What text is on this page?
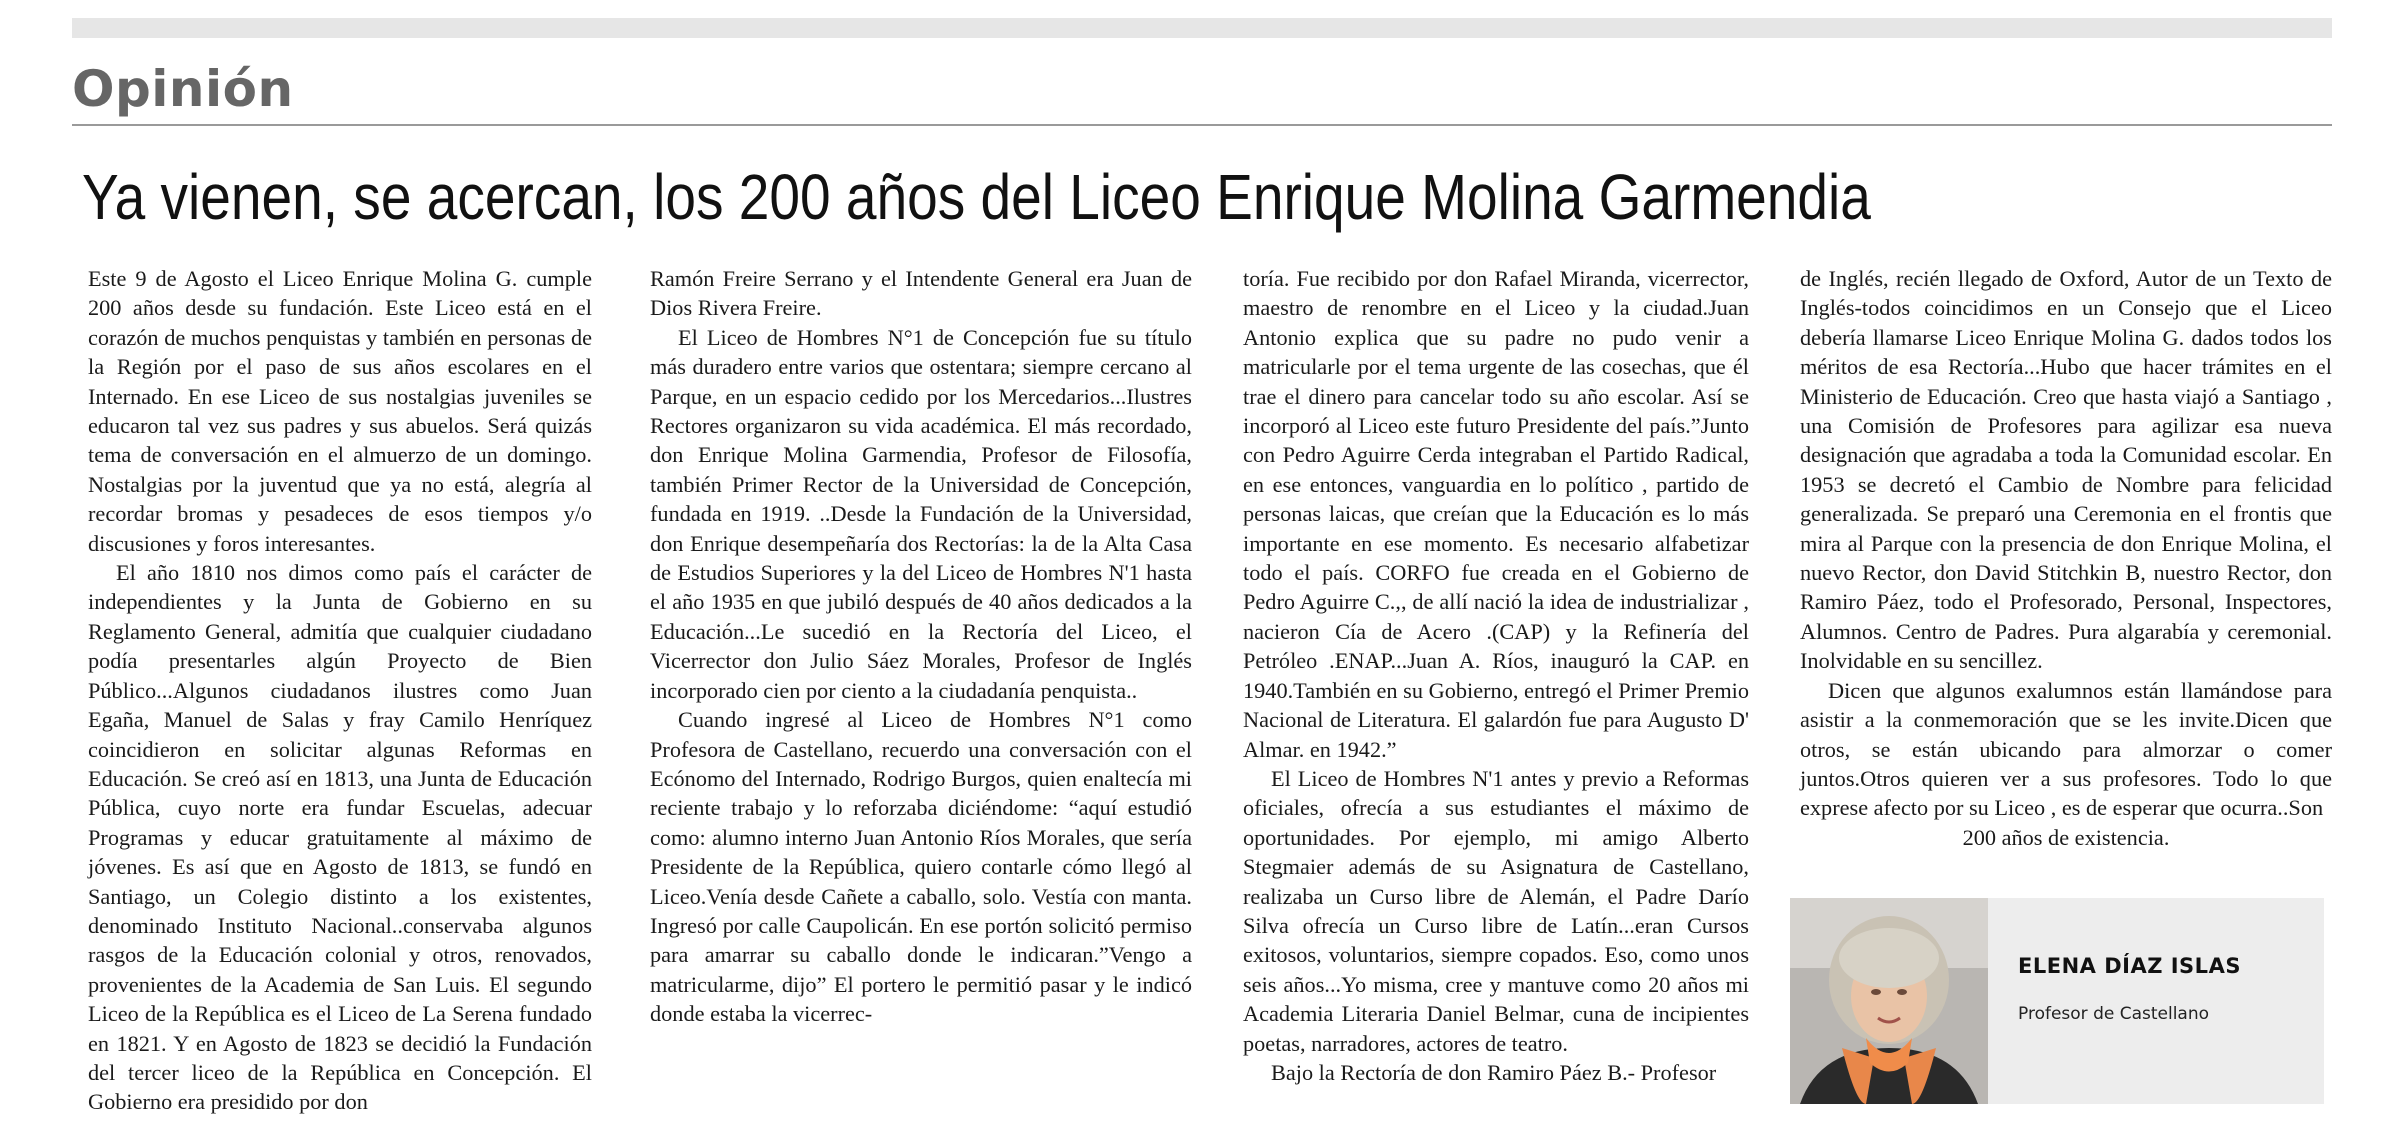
Opinión
Ya vienen, se acercan, los 200 años del Liceo Enrique Molina Garmendia

Este 9 de Agosto el Liceo Enrique Molina G. cumple 200 años desde su fundación. Este Liceo está en el corazón de muchos penquistas y también en personas de la Región por el paso de sus años escolares en el Internado. En ese Liceo de sus nostalgias juveniles se educaron tal vez sus padres y sus abuelos. Será quizás tema de conversación en el almuerzo de un domingo. Nostalgias por la juventud que ya no está, alegría al recordar bromas y pesadeces de esos tiempos y/o discusiones y foros interesantes.

El año 1810 nos dimos como país el carácter de independientes y la Junta de Gobierno en su Reglamento General, admitía que cualquier ciudadano podía presentarles algún Proyecto de Bien Público...Algunos ciudadanos ilustres como Juan Egaña, Manuel de Salas y fray Camilo Henríquez coincidieron en solicitar algunas Reformas en Educación. Se creó así en 1813, una Junta de Educación Pública, cuyo norte era fundar Escuelas, adecuar Programas y educar gratuitamente al máximo de jóvenes. Es así que en Agosto de 1813, se fundó en Santiago, un Colegio distinto a los existentes, denominado Instituto Nacional..conservaba algunos rasgos de la Educación colonial y otros, renovados, provenientes de la Academia de San Luis. El segundo Liceo de la República es el Liceo de La Serena fundado en 1821. Y en Agosto de 1823 se decidió la Fundación del tercer liceo de la República en Concepción. El Gobierno era presidido por don

Ramón Freire Serrano y el Intendente General era Juan de Dios Rivera Freire.

El Liceo de Hombres N°1 de Concepción fue su título más duradero entre varios que ostentara; siempre cercano al Parque, en un espacio cedido por los Mercedarios...Ilustres Rectores organizaron su vida académica. El más recordado, don Enrique Molina Garmendia, Profesor de Filosofía, también Primer Rector de la Universidad de Concepción, fundada en 1919. ..Desde la Fundación de la Universidad, don Enrique desempeñaría dos Rectorías: la de la Alta Casa de Estudios Superiores y la del Liceo de Hombres N'1 hasta el año 1935 en que jubiló después de 40 años dedicados a la Educación...Le sucedió en la Rectoría del Liceo, el Vicerrector don Julio Sáez Morales, Profesor de Inglés incorporado cien por ciento a la ciudadanía penquista..

Cuando ingresé al Liceo de Hombres N°1 como Profesora de Castellano, recuerdo una conversación con el Ecónomo del Internado, Rodrigo Burgos, quien enaltecía mi reciente trabajo y lo reforzaba diciéndome: “aquí estudió como: alumno interno Juan Antonio Ríos Morales, que sería Presidente de la República, quiero contarle cómo llegó al Liceo.Venía desde Cañete a caballo, solo. Vestía con manta. Ingresó por calle Caupolicán. En ese portón solicitó permiso para amarrar su caballo donde le indicaran.”Vengo a matricularme, dijo” El portero le permitió pasar y le indicó donde estaba la vicerrec-

toría. Fue recibido por don Rafael Miranda, vicerrector, maestro de renombre en el Liceo y la ciudad.Juan Antonio explica que su padre no pudo venir a matricularle por el tema urgente de las cosechas, que él trae el dinero para cancelar todo su año escolar. Así se incorporó al Liceo este futuro Presidente del país.”Junto con Pedro Aguirre Cerda integraban el Partido Radical, en ese entonces, vanguardia en lo político , partido de personas laicas, que creían que la Educación es lo más importante en ese momento. Es necesario alfabetizar todo el país. CORFO fue creada en el Gobierno de Pedro Aguirre C.,, de allí nació la idea de industrializar , nacieron Cía de Acero .(CAP) y la Refinería del Petróleo .ENAP...Juan A. Ríos, inauguró la CAP. en 1940.También en su Gobierno, entregó el Primer Premio Nacional de Literatura. El galardón fue para Augusto D' Almar. en 1942.”

El Liceo de Hombres N'1 antes y previo a Reformas oficiales, ofrecía a sus estudiantes el máximo de oportunidades. Por ejemplo, mi amigo Alberto Stegmaier además de su Asignatura de Castellano, realizaba un Curso libre de Alemán, el Padre Darío Silva ofrecía un Curso libre de Latín...eran Cursos exitosos, voluntarios, siempre copados. Eso, como unos seis años...Yo misma, cree y mantuve como 20 años mi Academia Literaria Daniel Belmar, cuna de incipientes poetas, narradores, actores de teatro.

Bajo la Rectoría de don Ramiro Páez B.- Profesor

de Inglés, recién llegado de Oxford, Autor de un Texto de Inglés-todos coincidimos en un Consejo que el Liceo debería llamarse Liceo Enrique Molina G. dados todos los méritos de esa Rectoría...Hubo que hacer trámites en el Ministerio de Educación. Creo que hasta viajó a Santiago , una Comisión de Profesores para agilizar esa nueva designación que agradaba a toda la Comunidad escolar. En 1953 se decretó el Cambio de Nombre para felicidad generalizada. Se preparó una Ceremonia en el frontis que mira al Parque con la presencia de don Enrique Molina, el nuevo Rector, don David Stitchkin B, nuestro Rector, don Ramiro Páez, todo el Profesorado, Personal, Inspectores, Alumnos. Centro de Padres. Pura algarabía y ceremonial. Inolvidable en su sencillez.

Dicen que algunos exalumnos están llamándose para asistir a la conmemoración que se les invite.Dicen que otros, se están ubicando para almorzar o comer juntos.Otros quieren ver a sus profesores. Todo lo que exprese afecto por su Liceo , es de esperar que ocurra..Son

200 años de existencia.

ELENA DÍAZ ISLAS
Profesor de Castellano
